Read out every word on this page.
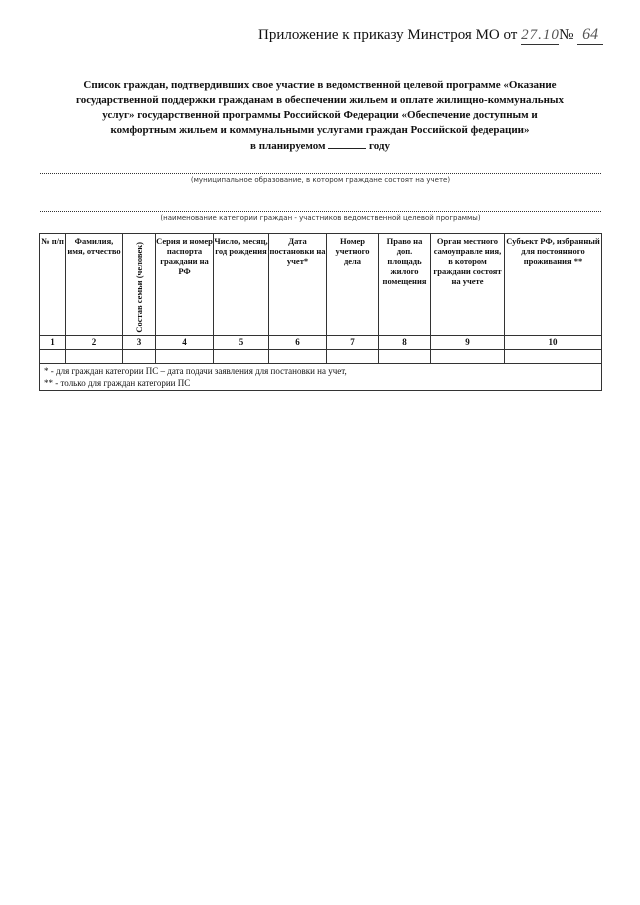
Приложение к приказу Минстроя МО от 27.10№ 64
Список граждан, подтвердивших свое участие в ведомственной целевой программе «Оказание
государственной поддержки гражданам в обеспечении жильем и оплате жилищно-коммунальных
услуг» государственной программы Российской Федерации «Обеспечение доступным и
комфортным жильем и коммунальными услугами граждан Российской федерации»
в планируемом	году
(муниципальное образование, в котором граждане состоят на учете)
(наименование категории граждан - участников ведомственной целевой программы)
№ п/п	Фамилия, имя, отчество	Состав семьи (человек)	Серия и номер паспорта граждани на РФ	Число, месяц, год рождения	Дата постановки на учет*	Номер учетного дела	Право на доп. площадь жилого помещения	Орган местного самоуправле ния, в котором граждани состоят на учете	Субъект РФ, избранный для постоянного проживания **
1	2	3	4	5	6	7	8	9	10

* - для граждан категории ПС – дата подачи заявления для постановки на учет,
** - только для граждан категории ПС									
